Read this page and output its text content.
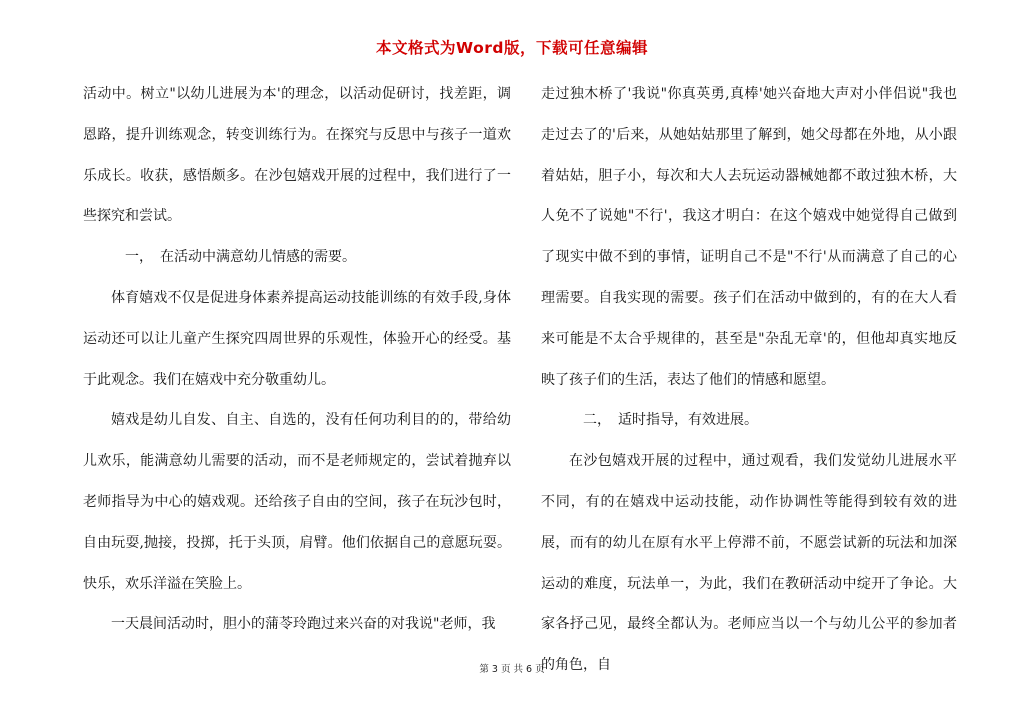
本文格式为Word版，下载可任意编辑

活动中。树立"以幼儿进展为本'的理念，以活动促研讨，找差距，调恩路，提升训练观念，转变训练行为。在探究与反思中与孩子一道欢乐成长。收获，感悟颇多。在沙包嬉戏开展的过程中，我们进行了一些探究和尝试。

一，　在活动中满意幼儿情感的需要。

体育嬉戏不仅是促进身体素养提高运动技能训练的有效手段,身体运动还可以让儿童产生探究四周世界的乐观性，体验开心的经受。基于此观念。我们在嬉戏中充分敬重幼儿。

嬉戏是幼儿自发、自主、自选的，没有任何功利目的的，带给幼儿欢乐，能满意幼儿需要的活动，而不是老师规定的，尝试着抛弃以老师指导为中心的嬉戏观。还给孩子自由的空间，孩子在玩沙包时，自由玩耍,抛接，投掷，托于头顶，肩臂。他们依据自己的意愿玩耍。快乐，欢乐洋溢在笑脸上。

一天晨间活动时，胆小的蒲苓玲跑过来兴奋的对我说"老师，我

走过独木桥了'我说"你真英勇,真棒'她兴奋地大声对小伴侣说"我也走过去了的'后来，从她姑姑那里了解到，她父母都在外地，从小跟着姑姑，胆子小，每次和大人去玩运动器械她都不敢过独木桥，大人免不了说她"不行'，我这才明白：在这个嬉戏中她觉得自己做到了现实中做不到的事情，证明自己不是"不行'从而满意了自己的心理需要。自我实现的需要。孩子们在活动中做到的，有的在大人看来可能是不太合乎规律的，甚至是"杂乱无章'的，但他却真实地反映了孩子们的生活，表达了他们的情感和愿望。

二，　适时指导，有效进展。

在沙包嬉戏开展的过程中，通过观看，我们发觉幼儿进展水平不同，有的在嬉戏中运动技能，动作协调性等能得到较有效的进展，而有的幼儿在原有水平上停滞不前，不愿尝试新的玩法和加深运动的难度，玩法单一，为此，我们在教研活动中绽开了争论。大家各抒己见，最终全都认为。老师应当以一个与幼儿公平的参加者的角色，自

第 3 页 共 6 页
